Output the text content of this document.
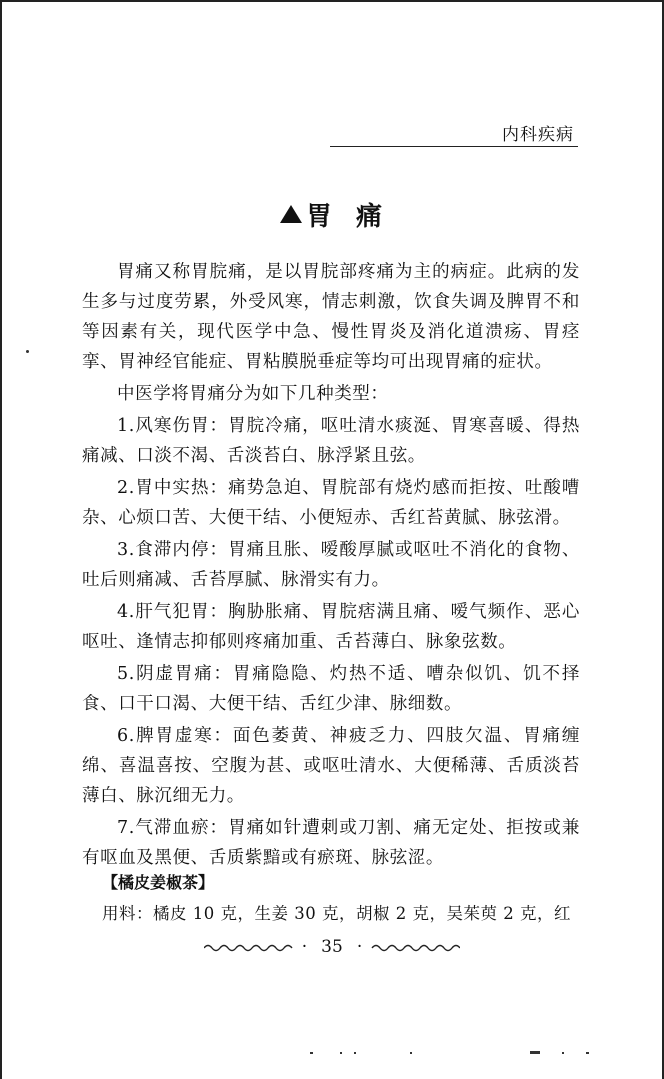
内科疾病
胃 痛

胃痛又称胃脘痛，是以胃脘部疼痛为主的病症。此病的发生多与过度劳累，外受风寒，情志刺激，饮食失调及脾胃不和等因素有关，现代医学中急、慢性胃炎及消化道溃疡、胃痉挛、胃神经官能症、胃粘膜脱垂症等均可出现胃痛的症状。

中医学将胃痛分为如下几种类型：

1.风寒伤胃：胃脘冷痛，呕吐清水痰涎、胃寒喜暖、得热痛减、口淡不渴、舌淡苔白、脉浮紧且弦。

2.胃中实热：痛势急迫、胃脘部有烧灼感而拒按、吐酸嘈杂、心烦口苦、大便干结、小便短赤、舌红苔黄腻、脉弦滑。

3.食滞内停：胃痛且胀、嗳酸厚腻或呕吐不消化的食物、吐后则痛减、舌苔厚腻、脉滑实有力。

4.肝气犯胃：胸胁胀痛、胃脘痞满且痛、嗳气频作、恶心呕吐、逢情志抑郁则疼痛加重、舌苔薄白、脉象弦数。

5.阴虚胃痛：胃痛隐隐、灼热不适、嘈杂似饥、饥不择食、口干口渴、大便干结、舌红少津、脉细数。

6.脾胃虚寒：面色萎黄、神疲乏力、四肢欠温、胃痛缠绵、喜温喜按、空腹为甚、或呕吐清水、大便稀薄、舌质淡苔薄白、脉沉细无力。

7.气滞血瘀：胃痛如针遭刺或刀割、痛无定处、拒按或兼有呕血及黑便、舌质紫黯或有瘀斑、脉弦涩。

【橘皮姜椒茶】
用料：橘皮 10 克，生姜 30 克，胡椒 2 克，吴茱萸 2 克，红
· 35 ·
